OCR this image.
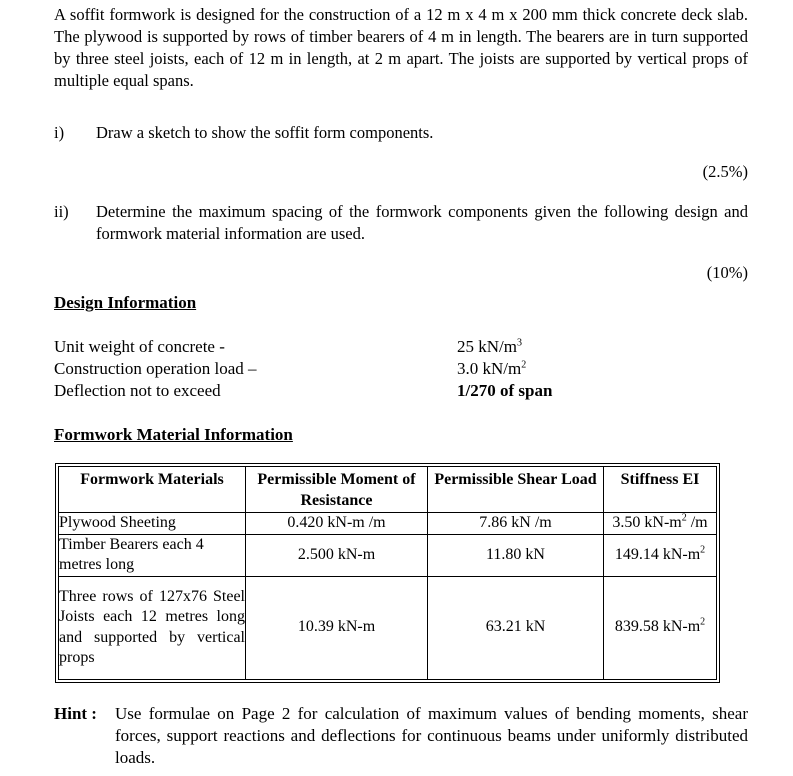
A soffit formwork is designed for the construction of a 12 m x 4 m x 200 mm thick concrete deck slab. The plywood is supported by rows of timber bearers of 4 m in length. The bearers are in turn supported by three steel joists, each of 12 m in length, at 2 m apart. The joists are supported by vertical props of multiple equal spans.
i) Draw a sketch to show the soffit form components.
(2.5%)
ii) Determine the maximum spacing of the formwork components given the following design and formwork material information are used.
(10%)
Design Information
Unit weight of concrete -	25 $kN/m^3$
Construction operation load –	3.0 $kN/m^2$
Deflection not to exceed	1/270 of span
Formwork Material Information
Formwork Materials	Permissible Moment of Resistance	Permissible Shear Load	Stiffness EI
Plywood Sheeting	0.420 kN-m /m	7.86 kN /m	3.50 $kN-m^2$ /m
Timber Bearers each 4 metres long	2.500 kN-m	11.80 kN	149.14 $kN-m^2$
Three rows of 127x76 Steel Joists each 12 metres long and supported by vertical props	10.39 kN-m	63.21 kN	839.58 $kN-m^2$
Hint : Use formulae on Page 2 for calculation of maximum values of bending moments, shear forces, support reactions and deflections for continuous beams under uniformly distributed loads.
